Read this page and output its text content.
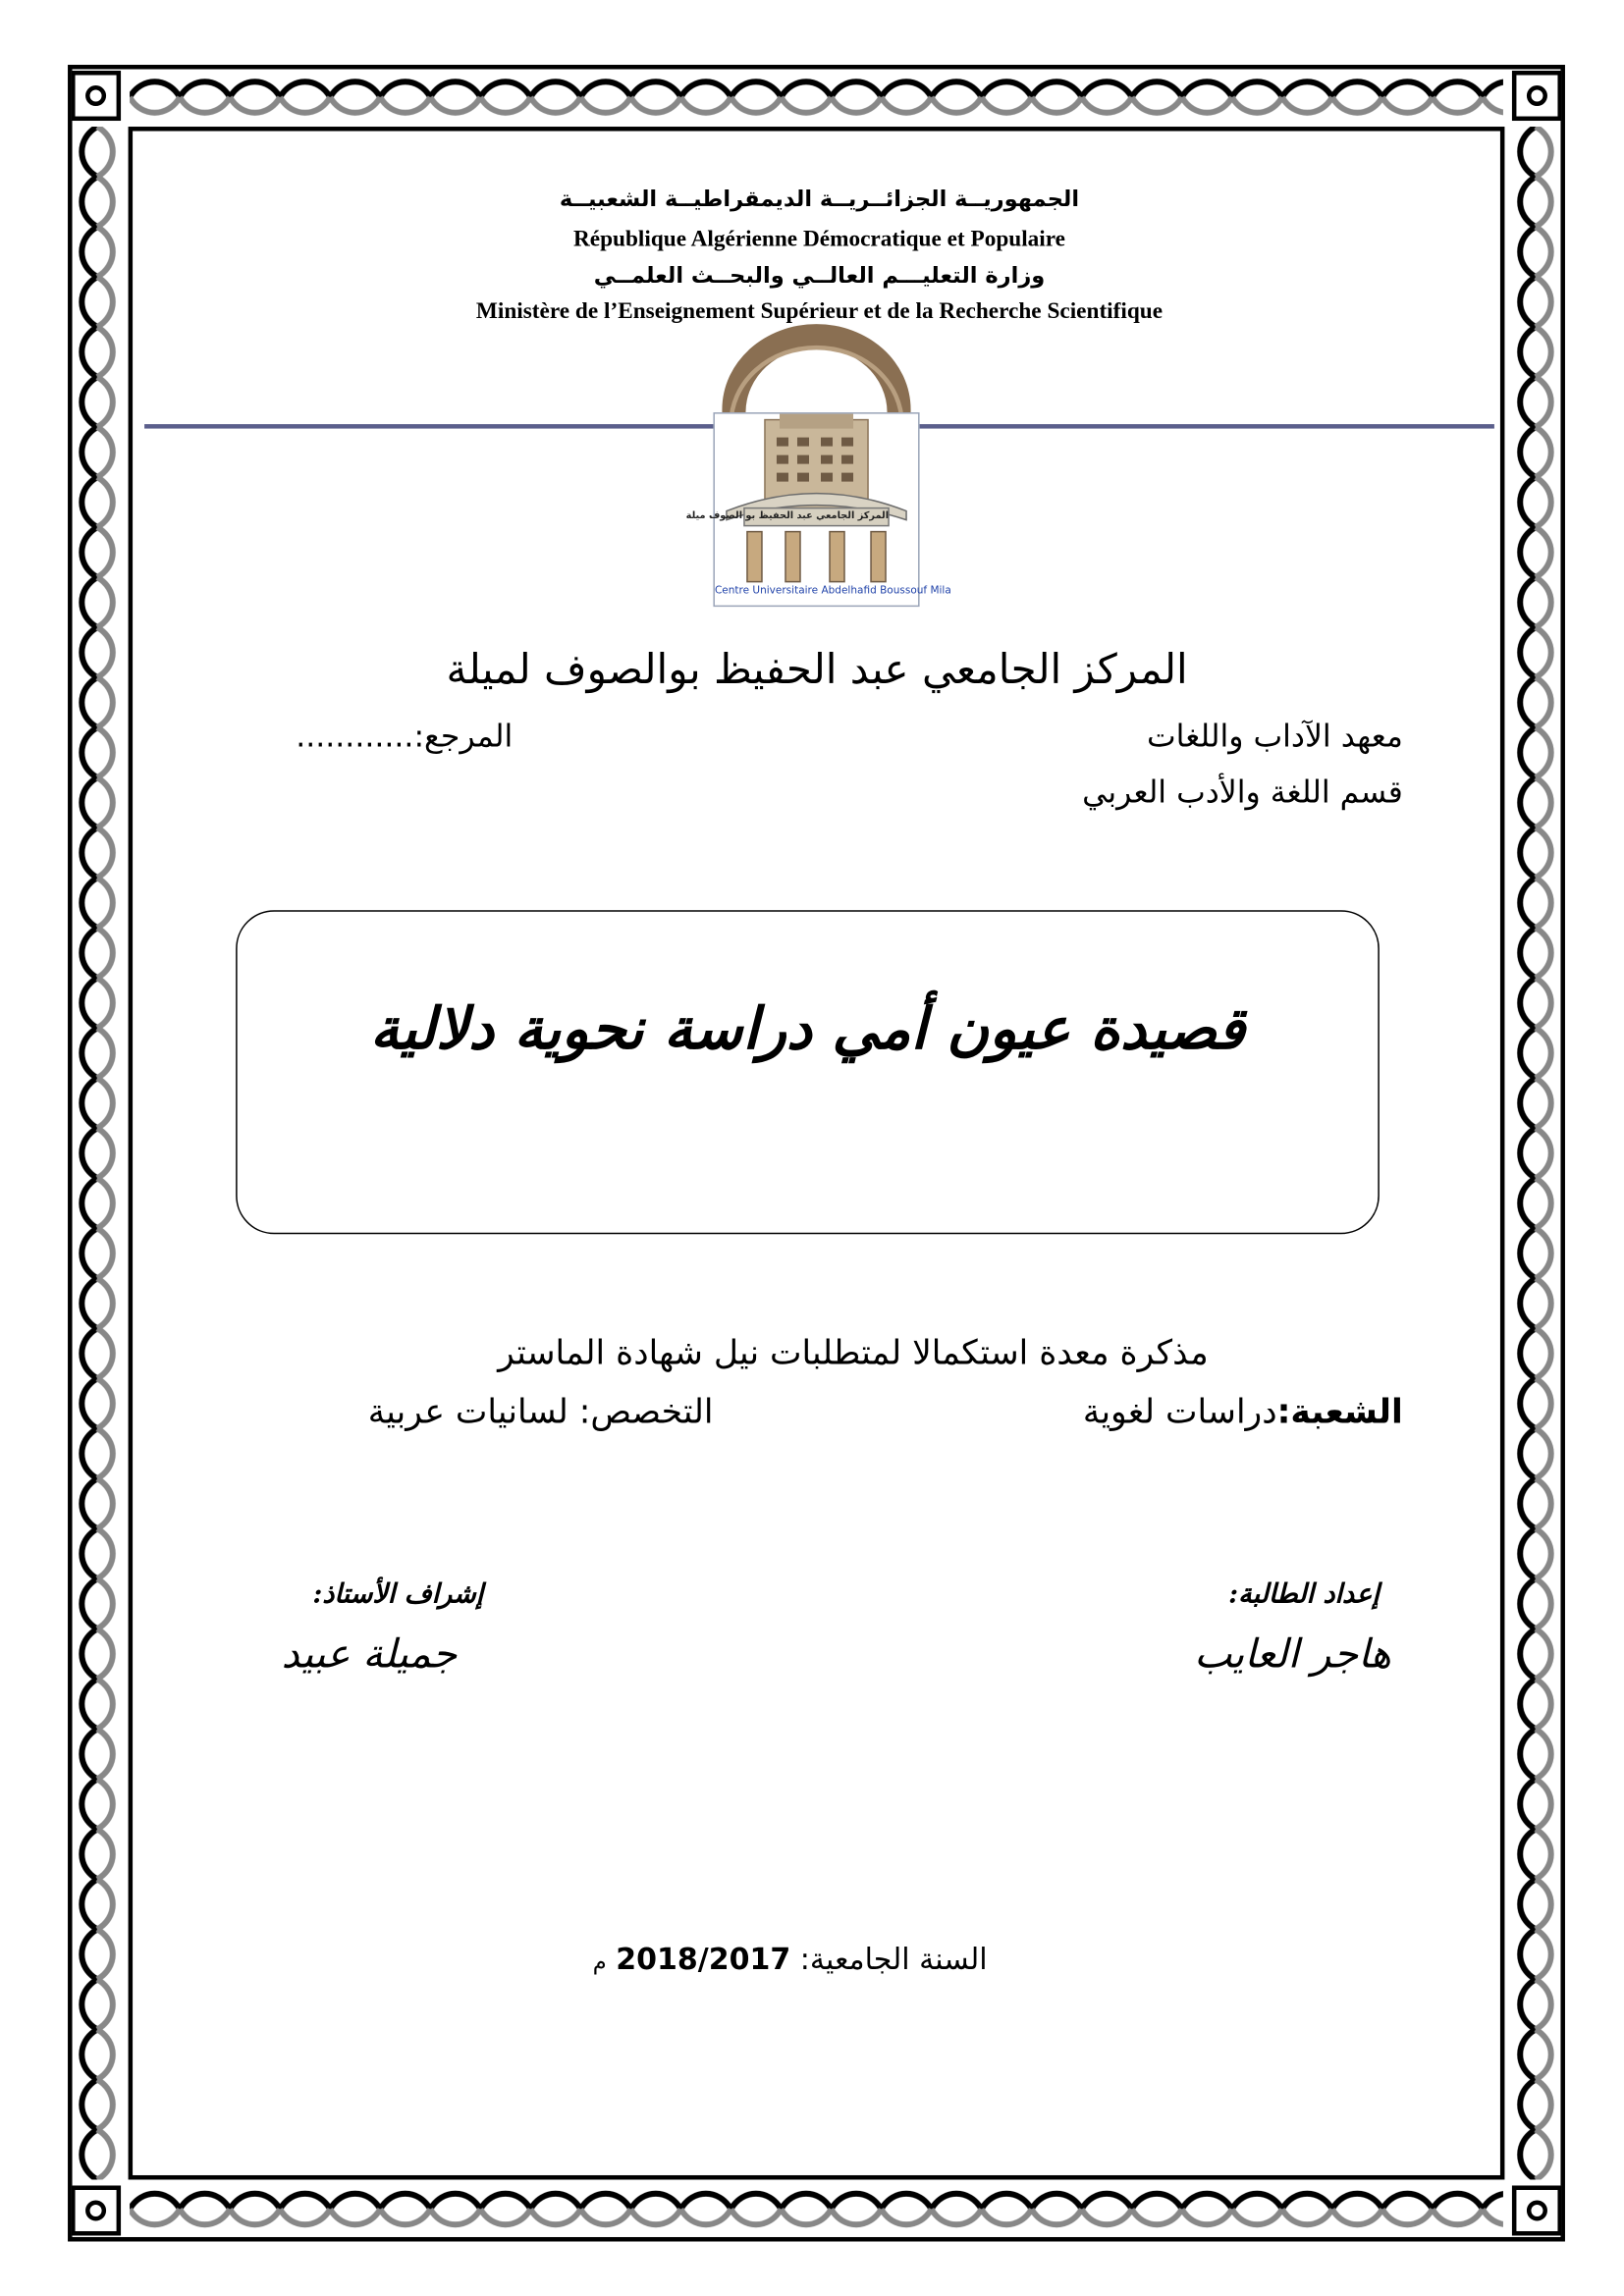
الجمهوريــة الجزائــريــة الديمقراطيــة الشعبيــة
République Algérienne Démocratique et Populaire
وزارة التعليـــم العالــي والبحــث العلمــي
Ministère de l’Enseignement Supérieur et de la Recherche Scientifique
المركز الجامعي عبد الحفيظ بو الصوف ميلة
Centre Universitaire Abdelhafid Boussouf Mila
المركز الجامعي عبد الحفيظ بوالصوف لميلة
معهد الآداب واللغات
المرجع:............
قسم اللغة والأدب العربي
قصيدة عيون أمي دراسة نحوية دلالية
مذكرة معدة استكمالا لمتطلبات نيل شهادة الماستر
الشعبة:دراسات لغوية
التخصص: لسانيات عربية
إعداد الطالبة:
هاجر العايب
إشراف الأستاذ:
جميلة عبيد
السنة الجامعية: 2018/2017 م
